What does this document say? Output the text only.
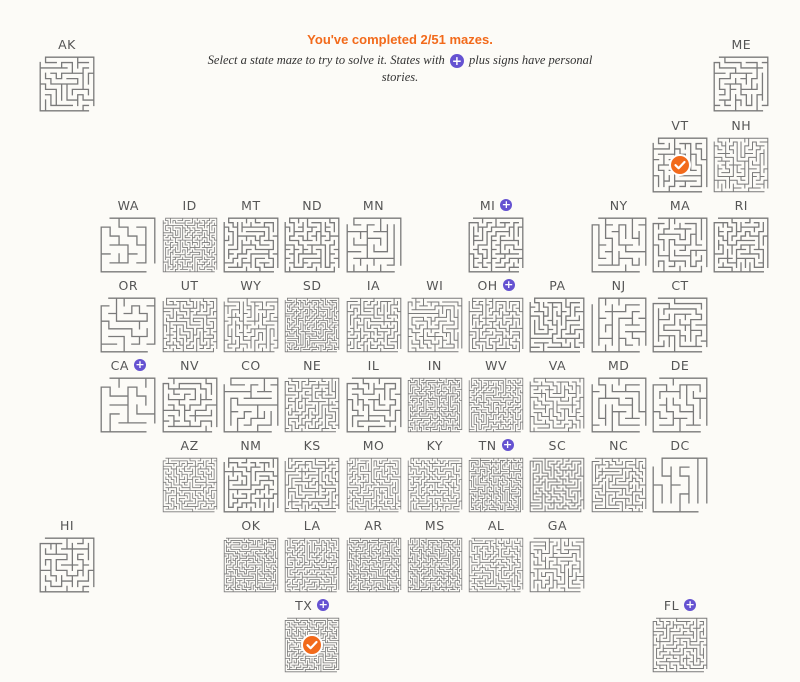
You've completed 2/51 mazes.
Select a state maze to try to solve it. States with + plus signs have personal stories.
AK	ME
VT	NH
WA	ID	MT	ND	MN	MI +	NY	MA	RI
OR	UT	WY	SD	IA	WI	OH +	PA	NJ	CT
CA +	NV	CO	NE	IL	IN	WV	VA	MD	DE
AZ	NM	KS	MO	KY	TN +	SC	NC	DC
HI	OK	LA	AR	MS	AL	GA
TX +	FL +
